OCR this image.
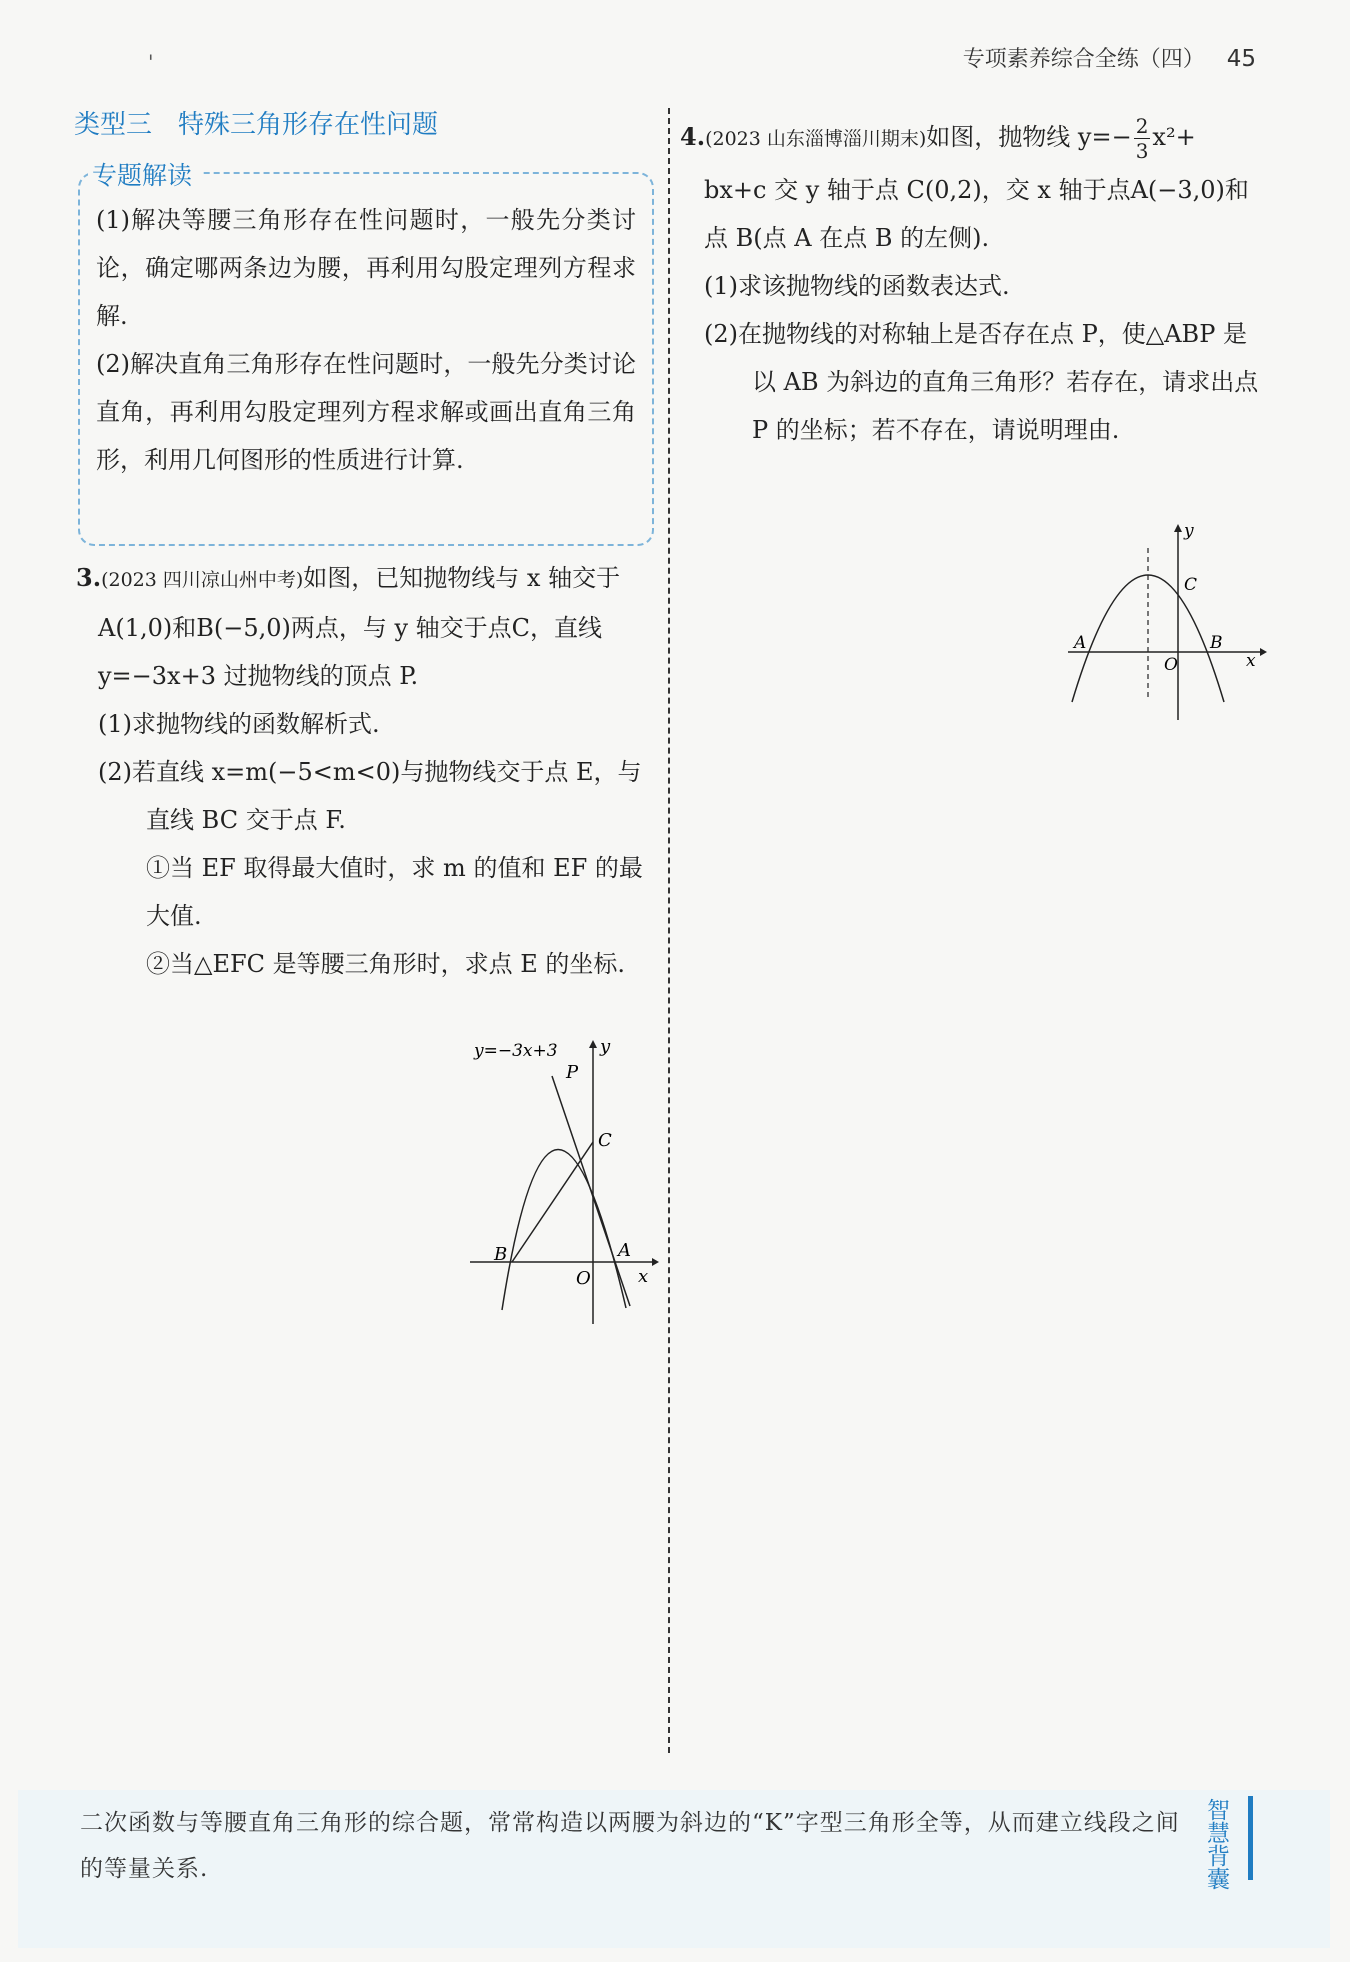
'	专项素养综合全练（四） 45
类型三 特殊三角形存在性问题
专题解读

(1)解决等腰三角形存在性问题时，一般先分类讨论，确定哪两条边为腰，再利用勾股定理列方程求解.

(2)解决直角三角形存在性问题时，一般先分类讨论直角，再利用勾股定理列方程求解或画出直角三角形，利用几何图形的性质进行计算.

3.(2023 四川凉山州中考)如图，已知抛物线与 x 轴交于A(1,0)和B(−5,0)两点，与 y 轴交于点C，直线 y=−3x+3 过抛物线的顶点 P.

(1)求抛物线的函数解析式.

(2)若直线 x=m(−5<m<0)与抛物线交于点 E，与直线 BC 交于点 F.

①当 EF 取得最大值时，求 m 的值和 EF 的最大值.

②当△EFC 是等腰三角形时，求点 E 的坐标.

y=−3x+3 y
x
P
C
B	A
O

4.(2023 山东淄博淄川期末)如图，抛物线 $y=- \frac{2}{3} x^2+$

bx+c 交 y 轴于点 C(0,2)，交 x 轴于点A(−3,0)和点 B(点 A 在点 B 的左侧).

(1)求该抛物线的函数表达式.

(2)在抛物线的对称轴上是否存在点 P，使△ABP 是以 AB 为斜边的直角三角形？若存在，请求出点 P 的坐标；若不存在，请说明理由.

y
x
C
A	B
O
二次函数与等腰直角三角形的综合题，常常构造以两腰为斜边的“K”字型三角形全等，从而建立线段之间的等量关系.	智慧背囊
